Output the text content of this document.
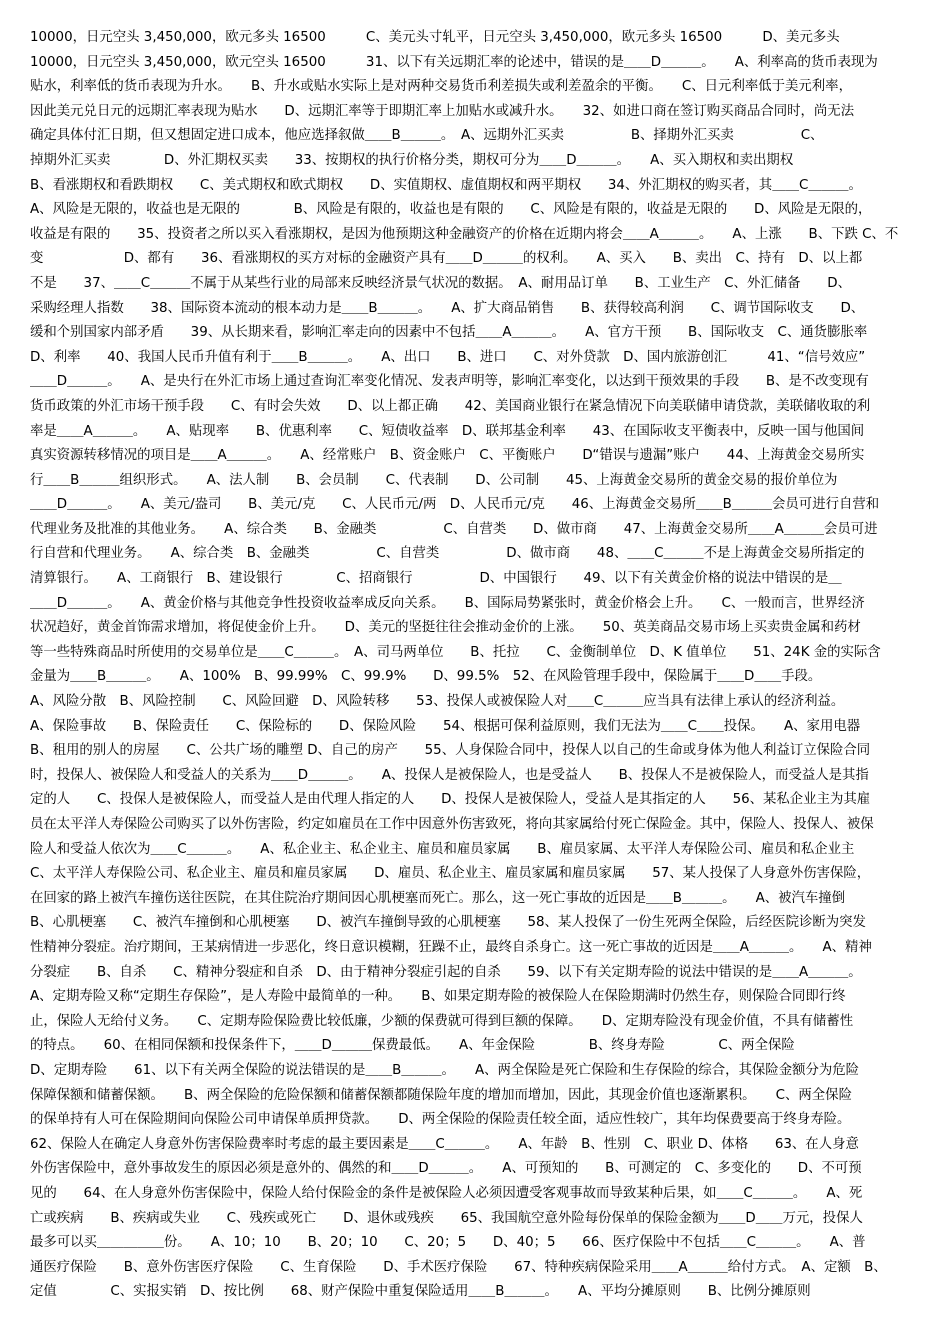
10000，日元空头 3,450,000，欧元多头 16500　　　C、美元头寸轧平，日元空头 3,450,000，欧元多头 16500　　　D、美元多头
10000，日元空头 3,450,000，欧元空头 16500　　　31、以下有关远期汇率的论述中，错误的是＿＿D＿＿＿。　　A、利率高的货币表现为
贴水，利率低的货币表现为升水。　　B、升水或贴水实际上是对两种交易货币利差损失或利差盈余的平衡。　　C、日元利率低于美元利率，
因此美元兑日元的远期汇率表现为贴水　　D、远期汇率等于即期汇率上加贴水或减升水。　　32、如进口商在签订购买商品合同时，尚无法
确定具体付汇日期，但又想固定进口成本，他应选择叙做＿＿B＿＿＿。　A、远期外汇买卖　　　　　B、择期外汇买卖　　　　　C、
掉期外汇买卖　　　　D、外汇期权买卖　　33、按期权的执行价格分类，期权可分为＿＿D＿＿＿。　　A、买入期权和卖出期权
B、看涨期权和看跌期权　　C、美式期权和欧式期权　　D、实值期权、虚值期权和两平期权　　34、外汇期权的购买者，其＿＿C＿＿＿。
A、风险是无限的，收益也是无限的　　　　B、风险是有限的，收益也是有限的　　C、风险是有限的，收益是无限的　　D、风险是无限的，
收益是有限的　　35、投资者之所以买入看涨期权，是因为他预期这种金融资产的价格在近期内将会＿＿A＿＿＿。　　A、上涨　　B、下跌 C、不
变　　　　　　D、都有　　36、看涨期权的买方对标的金融资产具有＿＿D＿＿＿的权利。　　A、买入　　B、卖出　C、持有　D、以上都
不是　　37、＿＿C＿＿＿不属于从某些行业的局部来反映经济景气状况的数据。　A、耐用品订单　　B、工业生产　C、外汇储备　　D、
采购经理人指数　　38、国际资本流动的根本动力是＿＿B＿＿＿。　　A、扩大商品销售　　B、获得较高利润　　C、调节国际收支　　D、
缓和个别国家内部矛盾　　39、从长期来看，影响汇率走向的因素中不包括＿＿A＿＿＿。　　A、官方干预　　B、国际收支　C、通货膨胀率
D、利率　　40、我国人民币升值有利于＿＿B＿＿＿。　　A、出口　　B、进口　　C、对外贷款　D、国内旅游创汇　　　41、“信号效应”
＿＿D＿＿＿。　　A、是央行在外汇市场上通过查询汇率变化情况、发表声明等，影响汇率变化，以达到干预效果的手段　　B、是不改变现有
货币政策的外汇市场干预手段　　C、有时会失效　　D、以上都正确　　42、美国商业银行在紧急情况下向美联储申请贷款，美联储收取的利
率是＿＿A＿＿＿。　　A、贴现率　　B、优惠利率　　C、短债收益率　D、联邦基金利率　　43、在国际收支平衡表中，反映一国与他国间
真实资源转移情况的项目是＿＿A＿＿＿。　　A、经常账户　B、资金账户　C、平衡账户　　D“错误与遗漏”账户　　44、上海黄金交易所实
行＿＿B＿＿＿组织形式。　　A、法人制　　B、会员制　　C、代表制　　D、公司制　　45、上海黄金交易所的黄金交易的报价单位为
＿＿D＿＿＿。　　A、美元/盎司　　B、美元/克　　C、人民币元/两　D、人民币元/克　　46、上海黄金交易所＿＿B＿＿＿会员可进行自营和
代理业务及批准的其他业务。　　A、综合类　　B、金融类　　　　　C、自营类　　D、做市商　　47、上海黄金交易所＿＿A＿＿＿会员可进
行自营和代理业务。　　A、综合类　B、金融类　　　　　C、自营类　　　　　D、做市商　　48、＿＿C＿＿＿不是上海黄金交易所指定的
清算银行。　　A、工商银行　B、建设银行　　　　C、招商银行　　　　　D、中国银行　　49、以下有关黄金价格的说法中错误的是＿
＿＿D＿＿＿。　　A、黄金价格与其他竞争性投资收益率成反向关系。　　B、国际局势紧张时，黄金价格会上升。　　C、一般而言，世界经济
状况趋好，黄金首饰需求增加，将促使金价上升。　　D、美元的坚挺往往会推动金价的上涨。　　50、英美商品交易市场上买卖贵金属和药材
等一些特殊商品时所使用的交易单位是＿＿C＿＿＿。　A、司马两单位　　B、托拉　　C、金衡制单位　D、K 值单位　　51、24K 金的实际含
金量为＿＿B＿＿＿。　　A、100%　B、99.99%　C、99.9%　　D、99.5%　52、在风险管理手段中，保险属于＿＿D＿＿手段。
A、风险分散　B、风险控制　　C、风险回避　D、风险转移　　53、投保人或被保险人对＿＿C＿＿＿应当具有法律上承认的经济利益。
A、保险事故　　B、保险责任　　C、保险标的　　D、保险风险　　54、根据可保利益原则，我们无法为＿＿C＿＿投保。　　A、家用电器
B、租用的别人的房屋　　C、公共广场的雕塑 D、自己的房产　　55、人身保险合同中，投保人以自己的生命或身体为他人利益订立保险合同
时，投保人、被保险人和受益人的关系为＿＿D＿＿＿。　　A、投保人是被保险人，也是受益人　　B、投保人不是被保险人，而受益人是其指
定的人　　C、投保人是被保险人，而受益人是由代理人指定的人　　D、投保人是被保险人，受益人是其指定的人　　56、某私企业主为其雇
员在太平洋人寿保险公司购买了以外伤害险，约定如雇员在工作中因意外伤害致死，将向其家属给付死亡保险金。其中，保险人、投保人、被保
险人和受益人依次为＿＿C＿＿＿。　　A、私企业主、私企业主、雇员和雇员家属　　B、雇员家属、太平洋人寿保险公司、雇员和私企业主
C、太平洋人寿保险公司、私企业主、雇员和雇员家属　　D、雇员、私企业主、雇员家属和雇员家属　　57、某人投保了人身意外伤害保险，
在回家的路上被汽车撞伤送往医院，在其住院治疗期间因心肌梗塞而死亡。那么，这一死亡事故的近因是＿＿B＿＿＿。　　A、被汽车撞倒
B、心肌梗塞　　C、被汽车撞倒和心肌梗塞　　D、被汽车撞倒导致的心肌梗塞　　58、某人投保了一份生死两全保险，后经医院诊断为突发
性精神分裂症。治疗期间，王某病情进一步恶化，终日意识模糊，狂躁不止，最终自杀身亡。这一死亡事故的近因是＿＿A＿＿＿。　　A、精神
分裂症　　B、自杀　　C、精神分裂症和自杀　D、由于精神分裂症引起的自杀　　59、以下有关定期寿险的说法中错误的是＿＿A＿＿＿。
A、定期寿险又称“定期生存保险”，是人寿险中最简单的一种。　　B、如果定期寿险的被保险人在保险期满时仍然生存，则保险合同即行终
止，保险人无给付义务。　　C、定期寿险保险费比较低廉，少额的保费就可得到巨额的保障。　　D、定期寿险没有现金价值，不具有储蓄性
的特点。　　60、在相同保额和投保条件下，＿＿D＿＿＿保费最低。　　A、年金保险　　　　B、终身寿险　　　　C、两全保险
D、定期寿险　　61、以下有关两全保险的说法错误的是＿＿B＿＿＿。　　A、两全保险是死亡保险和生存保险的综合，其保险金额分为危险
保障保额和储蓄保额。　　B、两全保险的危险保额和储蓄保额都随保险年度的增加而增加，因此，其现金价值也逐渐累积。　　C、两全保险
的保单持有人可在保险期间向保险公司申请保单质押贷款。　　D、两全保险的保险责任较全面，适应性较广，其年均保费要高于终身寿险。
62、保险人在确定人身意外伤害保险费率时考虑的最主要因素是＿＿C＿＿＿。　　A、年龄　B、性别　C、职业 D、体格　　63、在人身意
外伤害保险中，意外事故发生的原因必须是意外的、偶然的和＿＿D＿＿＿。　　A、可预知的　　B、可测定的　C、多变化的　　D、不可预
见的　　64、在人身意外伤害保险中，保险人给付保险金的条件是被保险人必须因遭受客观事故而导致某种后果，如＿＿C＿＿＿。　　A、死
亡或疾病　　B、疾病或失业　　C、残疾或死亡　　D、退休或残疾　　65、我国航空意外险每份保单的保险金额为＿＿D＿＿万元，投保人
最多可以买＿＿＿＿＿份。　　A、10；10　　B、20；10　　C、20；5　　D、40；5　　66、医疗保险中不包括＿＿C＿＿＿。　　A、普
通医疗保险　　B、意外伤害医疗保险　　C、生育保险　　D、手术医疗保险　　67、特种疾病保险采用＿＿A＿＿＿给付方式。　A、定额　B、
定值　　　　C、实报实销　D、按比例　　68、财产保险中重复保险适用＿＿B＿＿＿。　　A、平均分摊原则　　B、比例分摊原则
